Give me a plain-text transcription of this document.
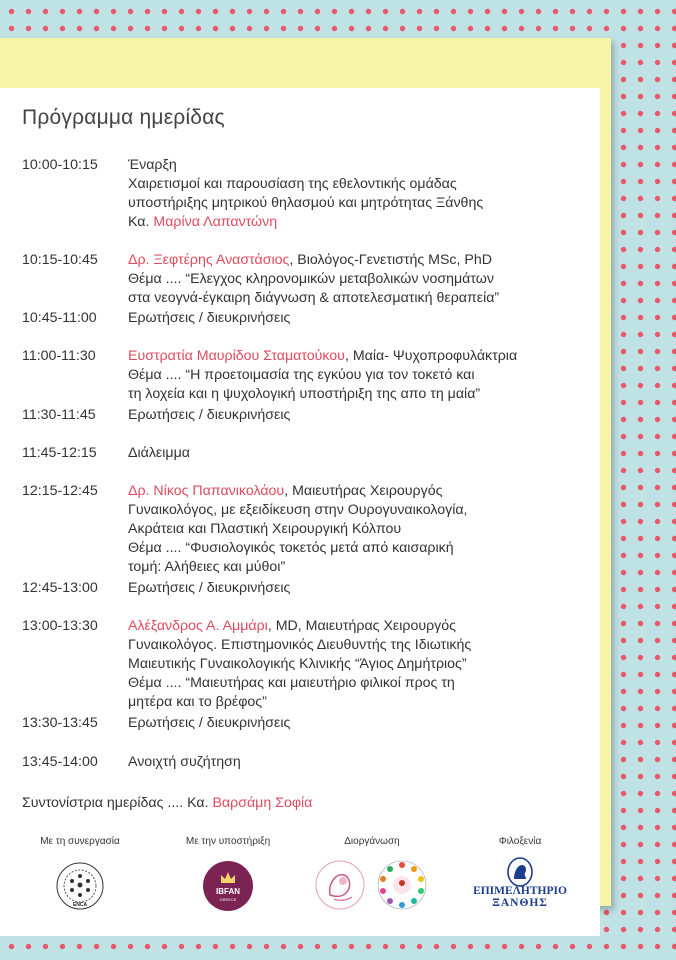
Πρόγραμμα ημερίδας
10:00-10:15	Έναρξη
Χαιρετισμοί και παρουσίαση της εθελοντικής ομάδας
υποστήριξης μητρικού θηλασμού και μητρότητας Ξάνθης
Κα. Μαρίνα Λαπαντώνη
10:15-10:45	Δρ. Ξεφτέρης Αναστάσιος, Βιολόγος-Γενετιστής MSc, PhD
Θέμα .... “Ελεγχος κληρονομικών μεταβολικών νοσημάτων
στα νεογνά-έγκαιρη διάγνωση & αποτελεσματική θεραπεία”
10:45-11:00	Ερωτήσεις / διευκρινήσεις
11:00-11:30	Ευστρατία Μαυρίδου Σταματούκου, Μαία- Ψυχοπροφυλάκτρια
Θέμα .... “Η προετοιμασία της εγκύου για τον τοκετό και
τη λοχεία και η ψυχολογική υποστήριξη της απο τη μαία”
11:30-11:45	Ερωτήσεις / διευκρινήσεις
11:45-12:15	Διάλειμμα
12:15-12:45	Δρ. Νίκος Παπανικολάου, Μαιευτήρας Χειρουργός
Γυναικολόγος, με εξειδίκευση στην Ουρογυναικολογία,
Ακράτεια και Πλαστική Χειρουργική Κόλπου
Θέμα .... “Φυσιολογικός τοκετός μετά από καισαρική
τομή: Αλήθειες και μύθοι”
12:45-13:00	Ερωτήσεις / διευκρινήσεις
13:00-13:30	Αλέξανδρος Α. Αμμάρι, MD, Μαιευτήρας Χειρουργός
Γυναικολόγος. Επιστημονικός Διευθυντής της Ιδιωτικής
Μαιευτικής Γυναικολογικής Κλινικής “Άγιος Δημήτριος”
Θέμα .... “Μαιευτήρας και μαιευτήριο φιλικοί προς τη
μητέρα και το βρέφος”
13:30-13:45	Ερωτήσεις / διευκρινήσεις
13:45-14:00	Ανοιχτή συζήτηση
Συντονίστρια ημερίδας .... Κα. Βαρσάμη Σοφία
Με τη συνεργασία
ENCA
Με την υποστήριξη
IBFAN
GREECE
Διοργάνωση	Φιλοξενία
ΕΠΙΜΕΛΗΤΗΡΙΟ
ΞΑΝΘΗΣ
